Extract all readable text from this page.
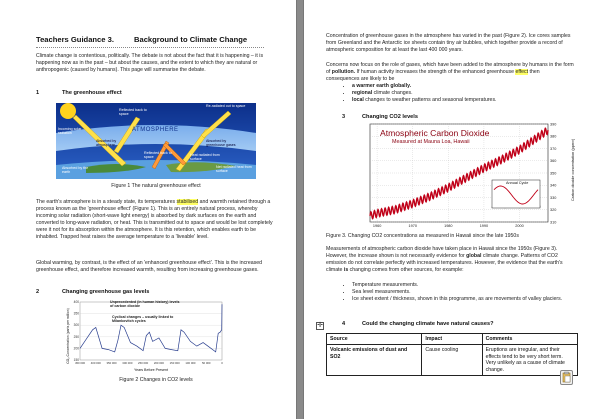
Teachers Guidance 3.	Background to Climate Change
Climate change is contentious, politically. The debate is not about the fact that it is happening – it is happening now as in the past – but about the causes, and the extent to which they are natural or anthropogenic (caused by humans). This page will summarise the debate.
1	The greenhouse effect
Reflected back to space
Re-radiated out to space
ATMOSPHERE
Incoming solar radiation
Absorbed by atmosphere
Absorbed by greenhouse gases
Reflected back to space
Absorbed by the earth
Heat radiated from surface
Net radiated heat from surface
Figure 1 The natural greenhouse effect
The earth's atmosphere is in a steady state, its temperatures stabilised and warmth retained through a process known as the 'greenhouse effect' (Figure 1). This is an entirely natural process, whereby incoming solar radiation (short-wave light energy) is absorbed by dark surfaces on the earth and converted to long-wave radiation, or heat. This is transmitted out to space and would be lost completely were it not for its absorption within the atmosphere. It is this retention, which enables earth to be inhabited. Trapped heat raises the average temperature to a 'liveable' level.
Global warming, by contrast, is the effect of an 'enhanced greenhouse effect'. This is the increased greenhouse effect, and therefore increased warmth, resulting from increasing greenhouse gases.
2	Changing greenhouse gas levels
400
350
300
250
200
150
450 000 400 000 350 000 300 000 250 000 200 000 150 000 100 000 50 000	0
Unprecedented (in human history) levels of carbon dioxide
Cyclical changes – usually linked to Milankovitch cycles
CO₂ Concentration (parts per million)
Years Before Present
Figure 2 Changes in CO2 levels
Concentration of greenhouse gases in the atmosphere has varied in the past (Figure 2). Ice cores samples from Greenland and the Antarctic ice sheets contain tiny air bubbles, which together provide a record of atmospheric composition for at least the last 400 000 years.
Concerns now focus on the role of gases, which have been added to the atmosphere by humans in the form of pollution. If human activity increases the strength of the enhanced greenhouse effect then consequences are likely to be
• a warmer earth globally.
• regional climate changes.
• local changes to weather patterns and seasonal temperatures.
3	Changing CO2 levels
390
380
370
360
350
340
330
320
310
1960	1970	1980	1990	2000
Atmospheric Carbon Dioxide
Measured at Mauna Loa, Hawaii	Carbon dioxide concentration (ppmv)
Annual Cycle
Figure 3. Changing CO2 concentrations as measured in Hawaii since the late 1950s
Measurements of atmospheric carbon dioxide have taken place in Hawaii since the 1950s (Figure 3). However, the increase shown is not necessarily evidence for global climate change. Patterns of CO2 emission do not correlate perfectly with increased temperatures. However, the evidence that the earth's climate is changing comes from other sources, for example:
• Temperature measurements.
• Sea level measurements.
• Ice sheet extent / thickness, shown in this programme, as are movements of valley glaciers.
✛	4	Could the changing climate have natural causes?
Source	Impact	Comments
Volcanic emissions of dust and SO2	Cause cooling	Eruptions are irregular, and their effects tend to be very short term. Very unlikely as a cause of climate change.
